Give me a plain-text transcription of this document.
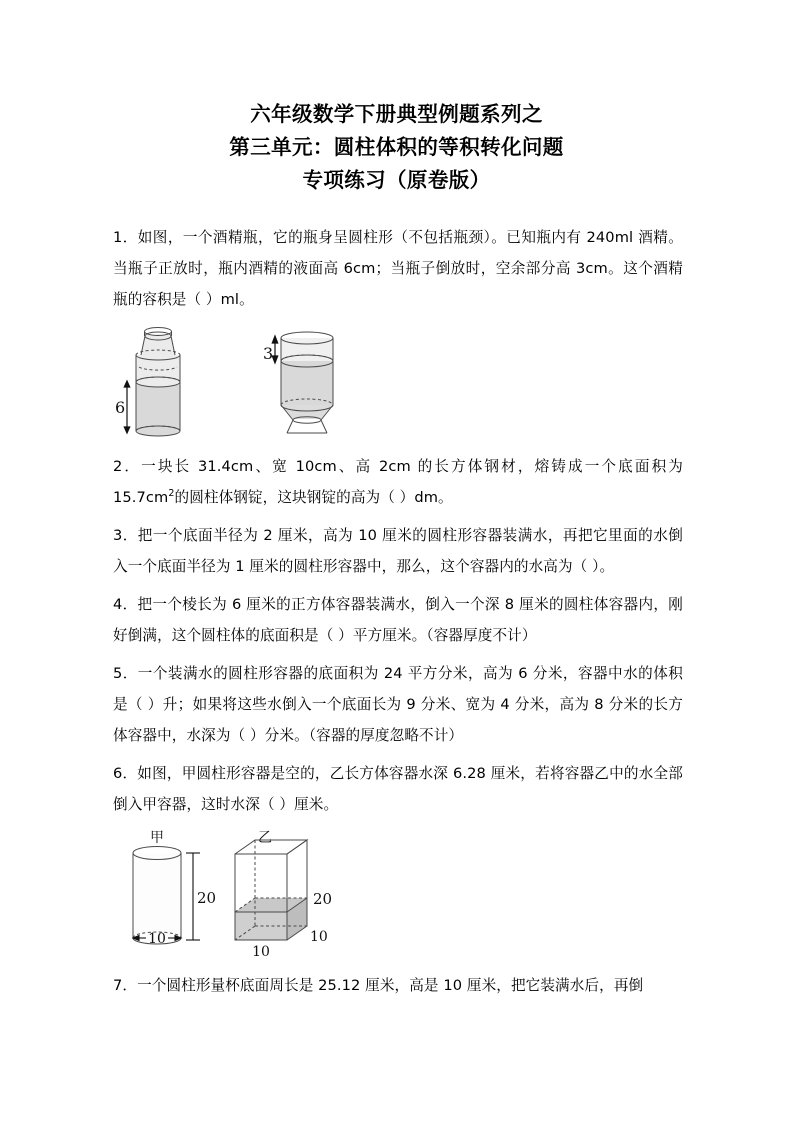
六年级数学下册典型例题系列之
第三单元：圆柱体积的等积转化问题
专项练习（原卷版）

1．如图，一个酒精瓶，它的瓶身呈圆柱形（不包括瓶颈）。已知瓶内有 240ml 酒精。当瓶子正放时，瓶内酒精的液面高 6cm；当瓶子倒放时，空余部分高 3cm。这个酒精瓶的容积是（ ）ml。

6
3

2．一块长 31.4cm、宽 10cm、高 2cm 的长方体钢材，熔铸成一个底面积为 $15.7cm^2$的圆柱体钢锭，这块钢锭的高为（ ）dm。

3．把一个底面半径为 2 厘米，高为 10 厘米的圆柱形容器装满水，再把它里面的水倒入一个底面半径为 1 厘米的圆柱形容器中，那么，这个容器内的水高为（ ）。

4．把一个棱长为 6 厘米的正方体容器装满水，倒入一个深 8 厘米的圆柱体容器内，刚好倒满，这个圆柱体的底面积是（ ）平方厘米。（容器厚度不计）

5．一个装满水的圆柱形容器的底面积为 24 平方分米，高为 6 分米，容器中水的体积是（ ）升；如果将这些水倒入一个底面长为 9 分米、宽为 4 分米，高为 8 分米的长方体容器中，水深为（ ）分米。（容器的厚度忽略不计）

6．如图，甲圆柱形容器是空的，乙长方体容器水深 6.28 厘米，若将容器乙中的水全部倒入甲容器，这时水深（ ）厘米。

甲
20
10
乙
20
10
10

7．一个圆柱形量杯底面周长是 25.12 厘米，高是 10 厘米，把它装满水后，再倒
